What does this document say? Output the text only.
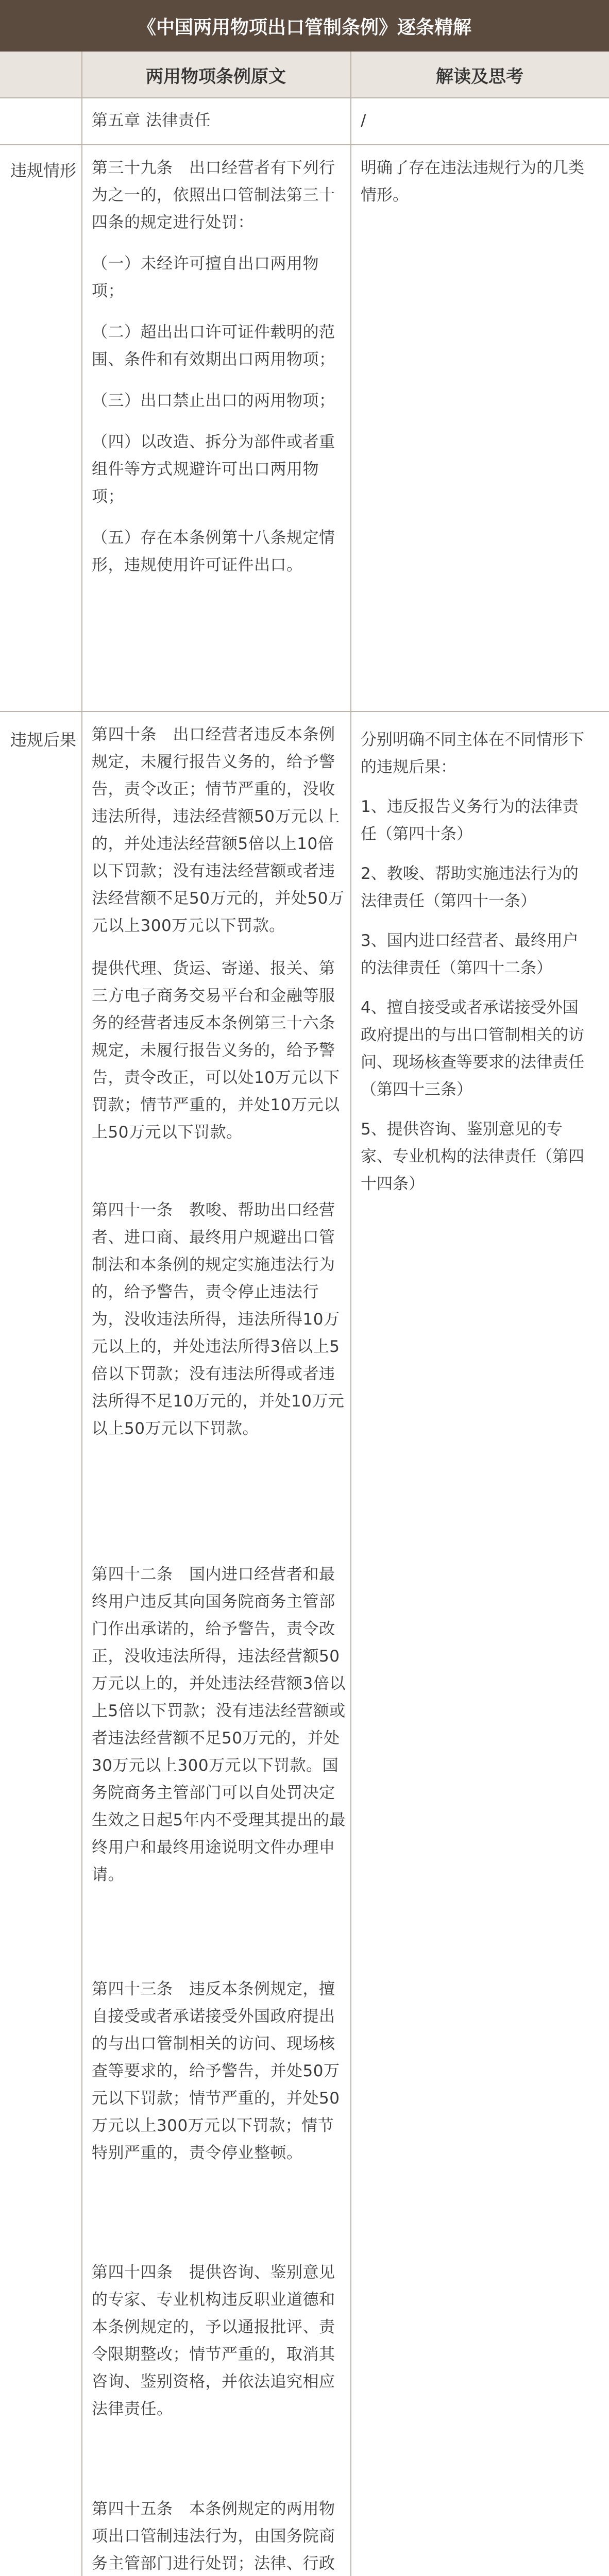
《中国两用物项出口管制条例》逐条精解
两用物项条例原文	解读及思考
第五章 法律责任	/
违规情形 第三十九条　出口经营者有下列行为之一的，依照出口管制法第三十四条的规定进行处罚：

（一）未经许可擅自出口两用物项；

（二）超出出口许可证件载明的范围、条件和有效期出口两用物项；

（三）出口禁止出口的两用物项；

（四）以改造、拆分为部件或者重组件等方式规避许可出口两用物项；

（五）存在本条例第十八条规定情形，违规使用许可证件出口。

明确了存在违法违规行为的几类情形。

违规后果 第四十条　出口经营者违反本条例规定，未履行报告义务的，给予警告，责令改正；情节严重的，没收违法所得，违法经营额50万元以上的，并处违法经营额5倍以上10倍以下罚款；没有违法经营额或者违法经营额不足50万元的，并处50万元以上300万元以下罚款。

提供代理、货运、寄递、报关、第三方电子商务交易平台和金融等服务的经营者违反本条例第三十六条规定，未履行报告义务的，给予警告，责令改正，可以处10万元以下罚款；情节严重的，并处10万元以上50万元以下罚款。

第四十一条　教唆、帮助出口经营者、进口商、最终用户规避出口管制法和本条例的规定实施违法行为的，给予警告，责令停止违法行为，没收违法所得，违法所得10万元以上的，并处违法所得3倍以上5倍以下罚款；没有违法所得或者违法所得不足10万元的，并处10万元以上50万元以下罚款。

第四十二条　国内进口经营者和最终用户违反其向国务院商务主管部门作出承诺的，给予警告，责令改正，没收违法所得，违法经营额50万元以上的，并处违法经营额3倍以上5倍以下罚款；没有违法经营额或者违法经营额不足50万元的，并处30万元以上300万元以下罚款。国务院商务主管部门可以自处罚决定生效之日起5年内不受理其提出的最终用户和最终用途说明文件办理申请。

第四十三条　违反本条例规定，擅自接受或者承诺接受外国政府提出的与出口管制相关的访问、现场核查等要求的，给予警告，并处50万元以下罚款；情节严重的，并处50万元以上300万元以下罚款；情节特别严重的，责令停业整顿。

第四十四条　提供咨询、鉴别意见的专家、专业机构违反职业道德和本条例规定的，予以通报批评、责令限期整改；情节严重的，取消其咨询、鉴别资格，并依法追究相应法律责任。

第四十五条　本条例规定的两用物项出口管制违法行为，由国务院商务主管部门进行处罚；法律、行政

分别明确不同主体在不同情形下的违规后果：

1、违反报告义务行为的法律责任（第四十条）

2、教唆、帮助实施违法行为的法律责任（第四十一条）

3、国内进口经营者、最终用户的法律责任（第四十二条）

4、擅自接受或者承诺接受外国政府提出的与出口管制相关的访问、现场核查等要求的法律责任（第四十三条）

5、提供咨询、鉴别意见的专家、专业机构的法律责任（第四十四条）
